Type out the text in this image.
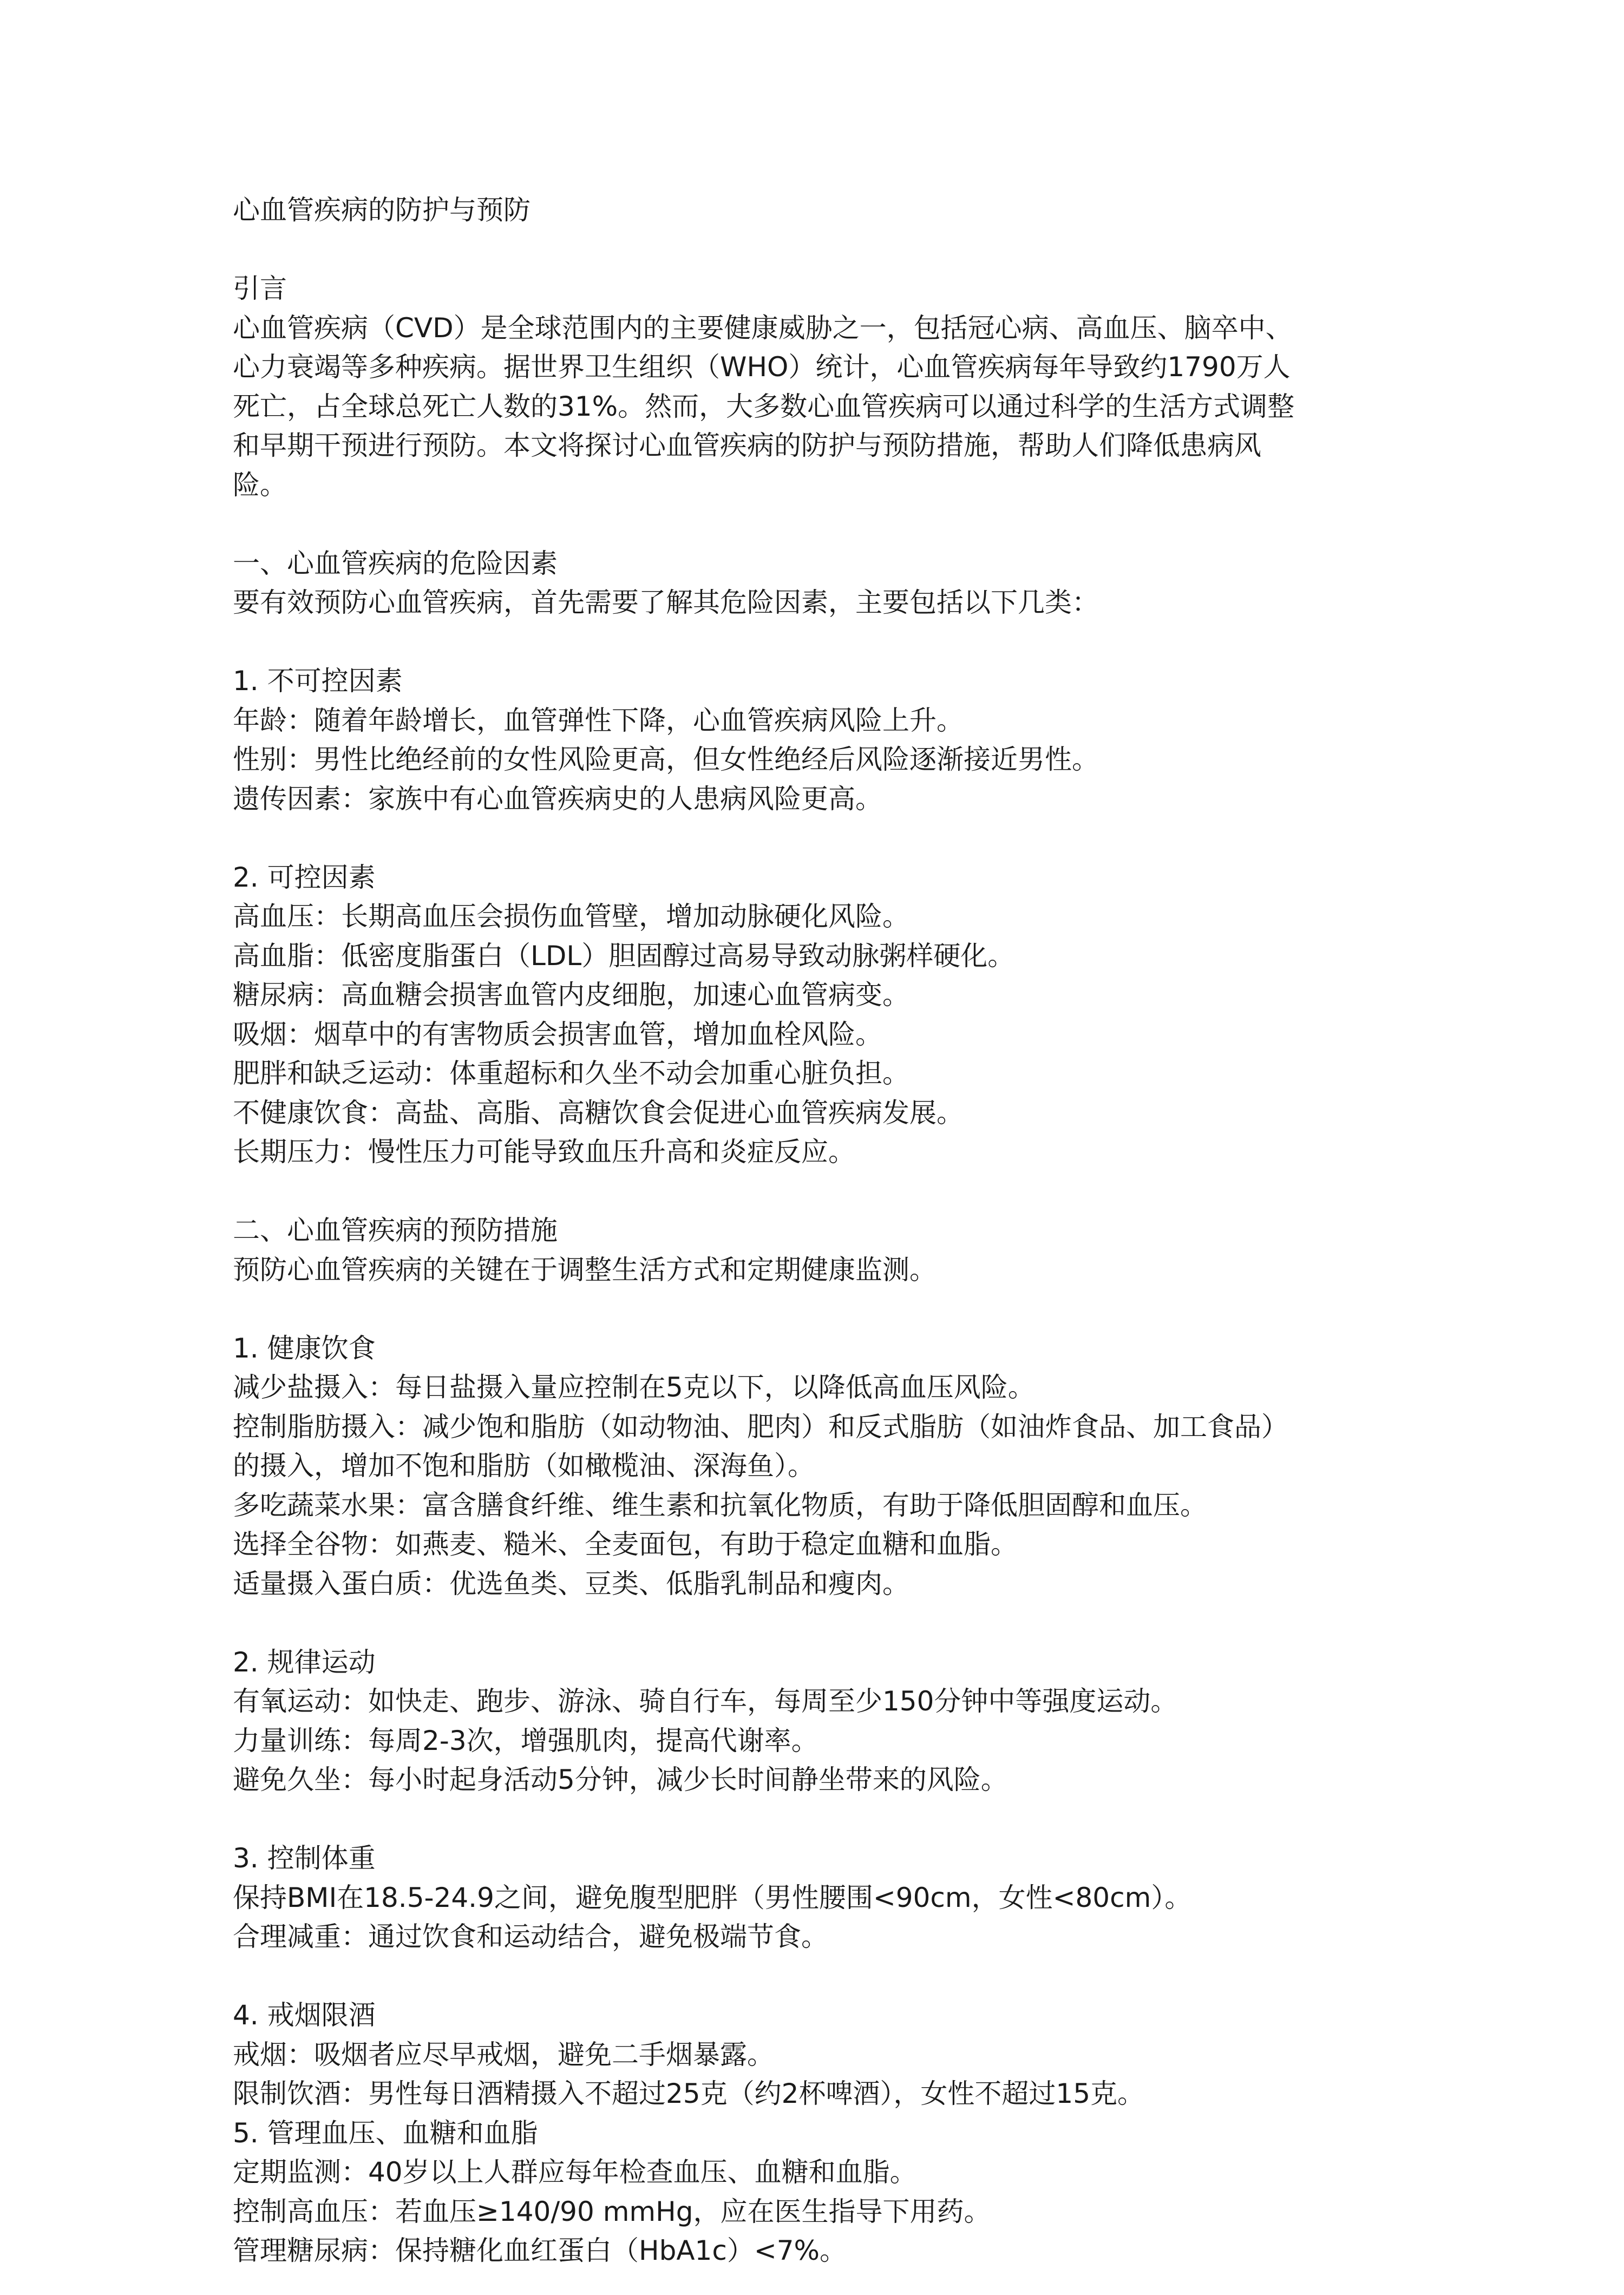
心血管疾病的防护与预防

引言

心血管疾病（CVD）是全球范围内的主要健康威胁之一，包括冠心病、高血压、脑卒中、

心力衰竭等多种疾病。据世界卫生组织（WHO）统计，心血管疾病每年导致约1790万人

死亡，占全球总死亡人数的31%。然而，大多数心血管疾病可以通过科学的生活方式调整

和早期干预进行预防。本文将探讨心血管疾病的防护与预防措施，帮助人们降低患病风

险。

一、心血管疾病的危险因素

要有效预防心血管疾病，首先需要了解其危险因素，主要包括以下几类：

1. 不可控因素

年龄：随着年龄增长，血管弹性下降，心血管疾病风险上升。

性别：男性比绝经前的女性风险更高，但女性绝经后风险逐渐接近男性。

遗传因素：家族中有心血管疾病史的人患病风险更高。

2. 可控因素

高血压：长期高血压会损伤血管壁，增加动脉硬化风险。

高血脂：低密度脂蛋白（LDL）胆固醇过高易导致动脉粥样硬化。

糖尿病：高血糖会损害血管内皮细胞，加速心血管病变。

吸烟：烟草中的有害物质会损害血管，增加血栓风险。

肥胖和缺乏运动：体重超标和久坐不动会加重心脏负担。

不健康饮食：高盐、高脂、高糖饮食会促进心血管疾病发展。

长期压力：慢性压力可能导致血压升高和炎症反应。

二、心血管疾病的预防措施

预防心血管疾病的关键在于调整生活方式和定期健康监测。

1. 健康饮食

减少盐摄入：每日盐摄入量应控制在5克以下，以降低高血压风险。

控制脂肪摄入：减少饱和脂肪（如动物油、肥肉）和反式脂肪（如油炸食品、加工食品）

的摄入，增加不饱和脂肪（如橄榄油、深海鱼）。

多吃蔬菜水果：富含膳食纤维、维生素和抗氧化物质，有助于降低胆固醇和血压。

选择全谷物：如燕麦、糙米、全麦面包，有助于稳定血糖和血脂。

适量摄入蛋白质：优选鱼类、豆类、低脂乳制品和瘦肉。

2. 规律运动

有氧运动：如快走、跑步、游泳、骑自行车，每周至少150分钟中等强度运动。

力量训练：每周2-3次，增强肌肉，提高代谢率。

避免久坐：每小时起身活动5分钟，减少长时间静坐带来的风险。

3. 控制体重

保持BMI在18.5-24.9之间，避免腹型肥胖（男性腰围<90cm，女性<80cm）。

合理减重：通过饮食和运动结合，避免极端节食。

4. 戒烟限酒

戒烟：吸烟者应尽早戒烟，避免二手烟暴露。

限制饮酒：男性每日酒精摄入不超过25克（约2杯啤酒），女性不超过15克。

5. 管理血压、血糖和血脂

定期监测：40岁以上人群应每年检查血压、血糖和血脂。

控制高血压：若血压≥140/90 mmHg，应在医生指导下用药。

管理糖尿病：保持糖化血红蛋白（HbA1c）<7%。
